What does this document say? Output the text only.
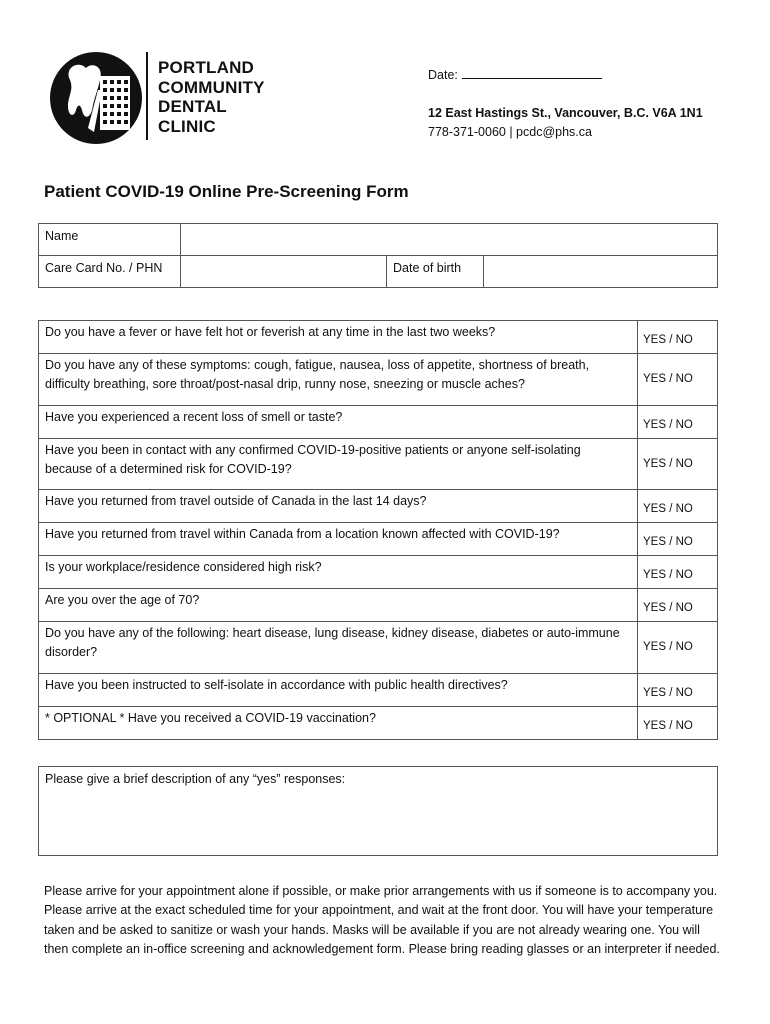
PORTLAND
COMMUNITY
DENTAL
CLINIC
Date:
12 East Hastings St., Vancouver, B.C. V6A 1N1
778-371-0060 | pcdc@phs.ca
Patient COVID-19 Online Pre-Screening Form
Name			
Care Card No. / PHN		Date of birth	
Do you have a fever or have felt hot or feverish at any time in the last two weeks?	YES / NO
Do you have any of these symptoms: cough, fatigue, nausea, loss of appetite, shortness of breath, difficulty breathing, sore throat/post-nasal drip, runny nose, sneezing or muscle aches?	YES / NO
Have you experienced a recent loss of smell or taste?	YES / NO
Have you been in contact with any confirmed COVID-19-positive patients or anyone self-isolating because of a determined risk for COVID-19?	YES / NO
Have you returned from travel outside of Canada in the last 14 days?	YES / NO
Have you returned from travel within Canada from a location known affected with COVID-19?	YES / NO
Is your workplace/residence considered high risk?	YES / NO
Are you over the age of 70?	YES / NO
Do you have any of the following: heart disease, lung disease, kidney disease, diabetes or auto-immune disorder?	YES / NO
Have you been instructed to self-isolate in accordance with public health directives?	YES / NO
* OPTIONAL * Have you received a COVID-19 vaccination?	YES / NO
Please give a brief description of any “yes” responses:
Please arrive for your appointment alone if possible, or make prior arrangements with us if someone is to accompany you. Please arrive at the exact scheduled time for your appointment, and wait at the front door. You will have your temperature taken and be asked to sanitize or wash your hands. Masks will be available if you are not already wearing one. You will then complete an in-office screening and acknowledgement form. Please bring reading glasses or an interpreter if needed.
